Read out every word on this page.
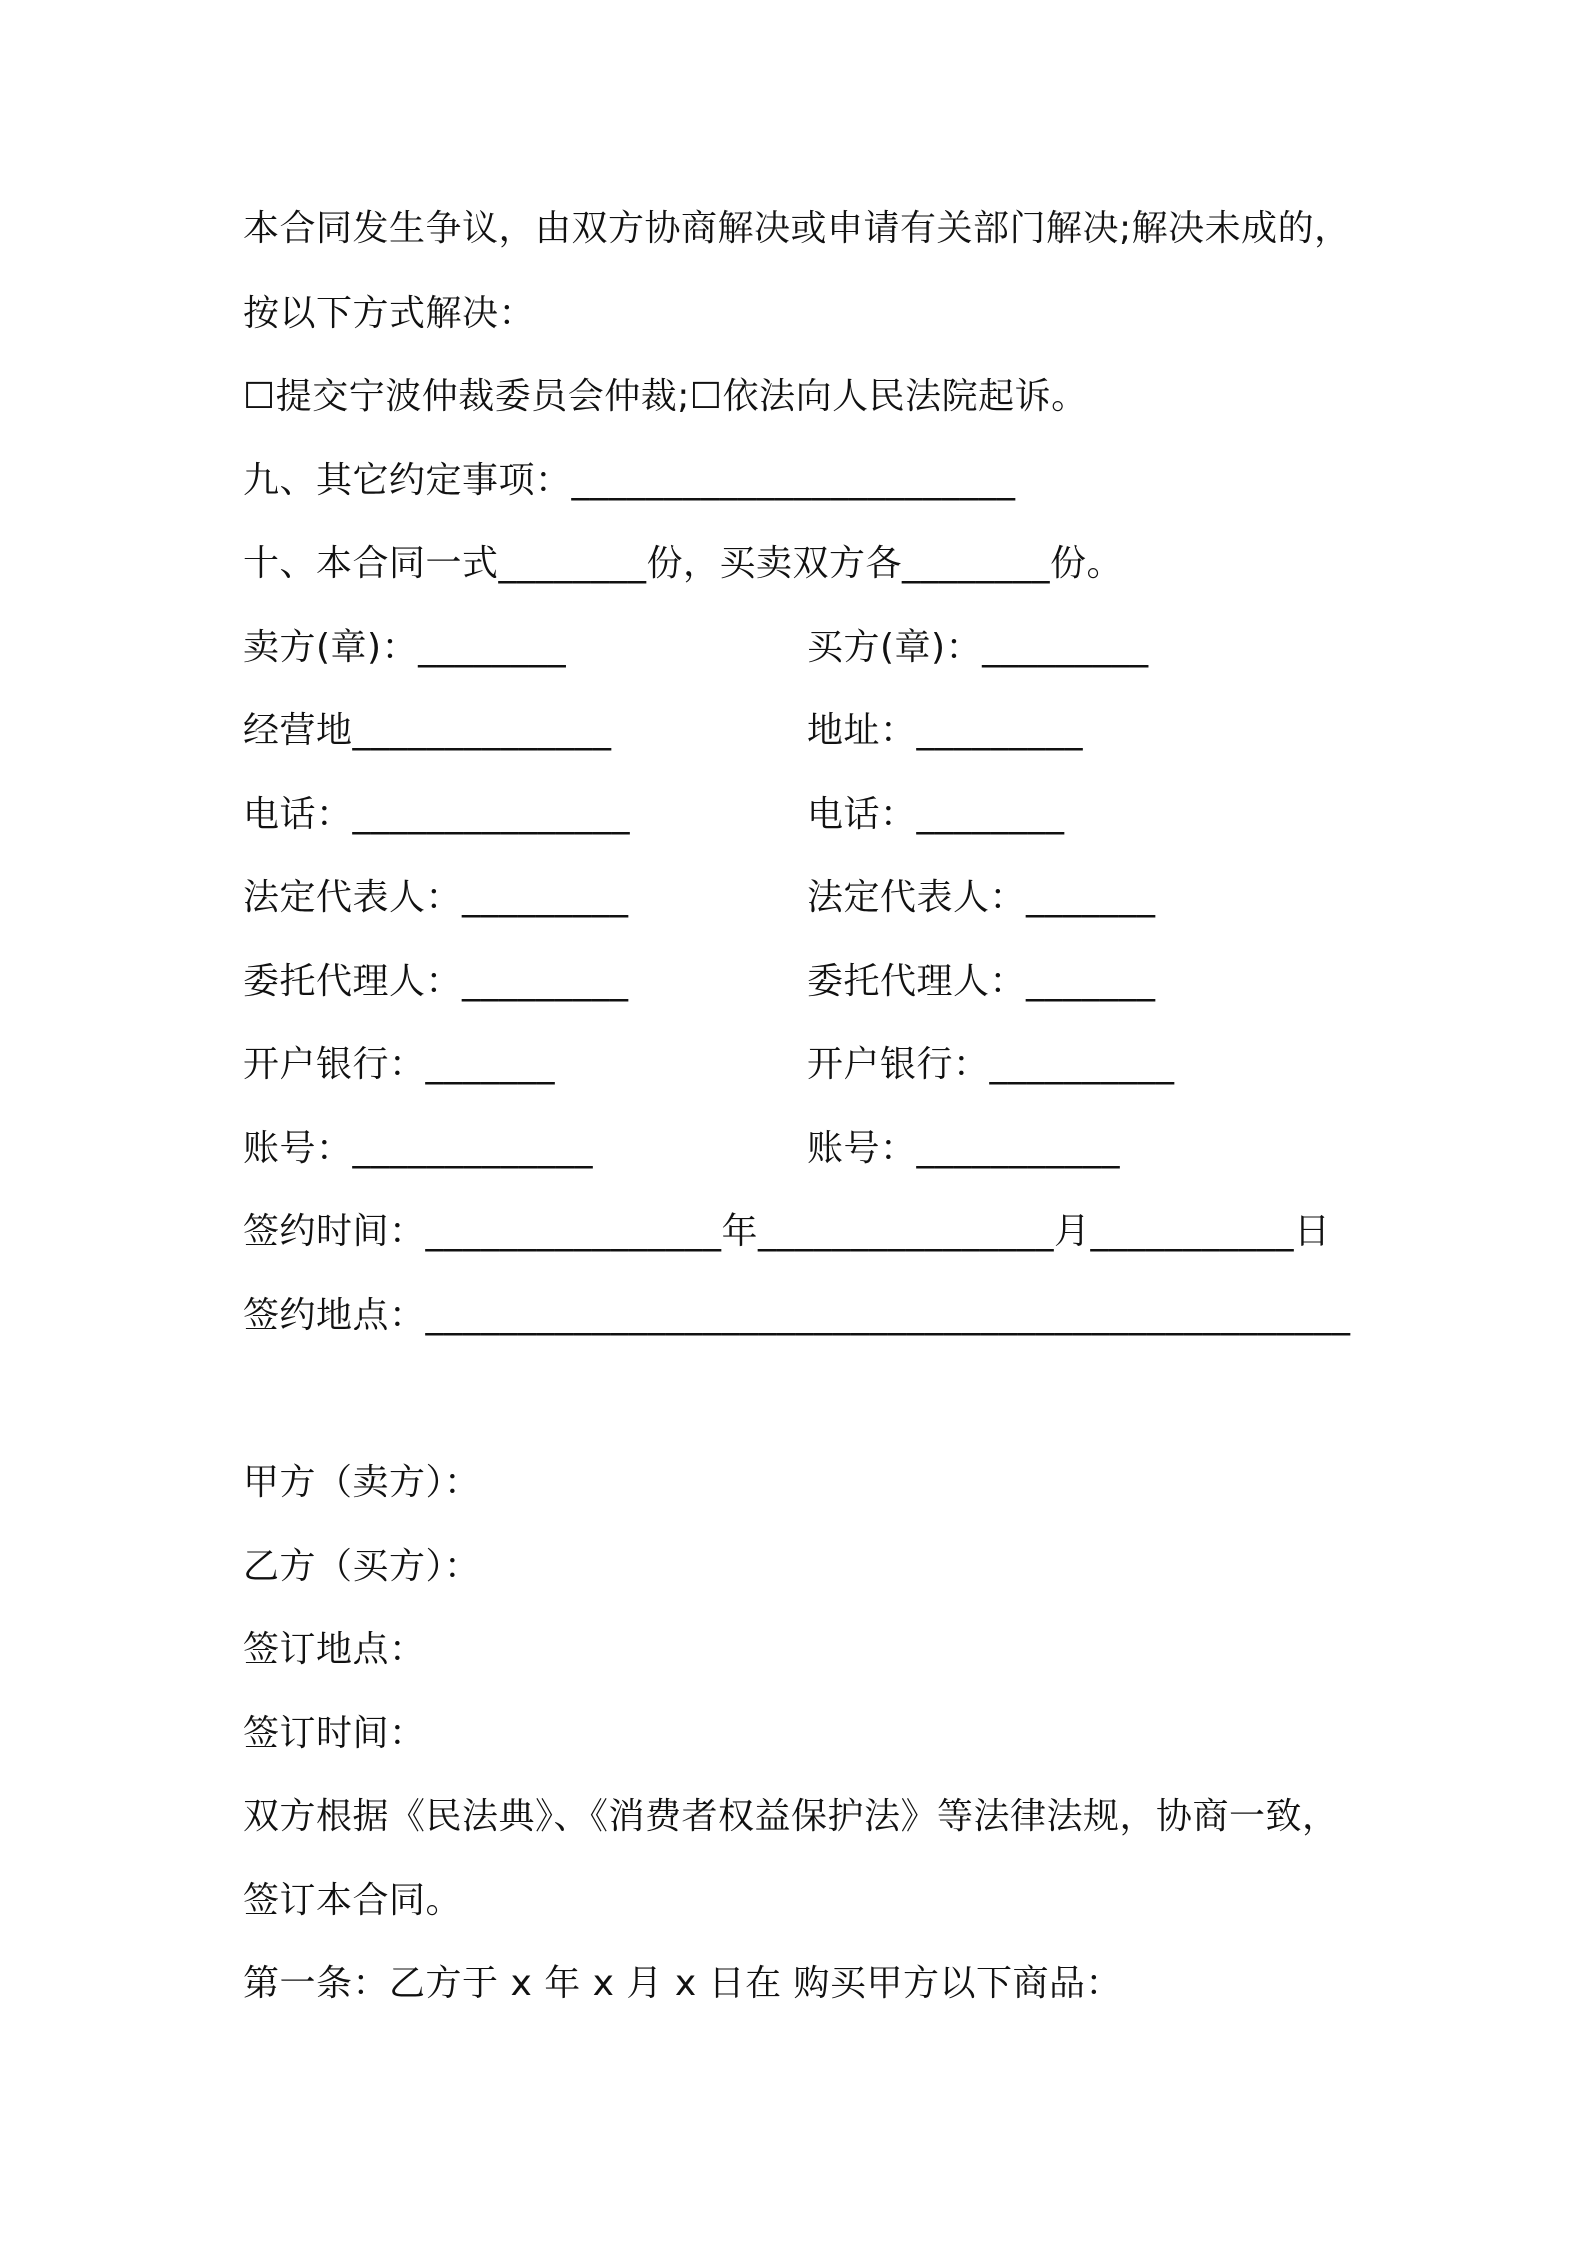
本合同发生争议，由双方协商解决或申请有关部门解决;解决未成的，
按以下方式解决：
☐提交宁波仲裁委员会仲裁;☐依法向人民法院起诉。
九、其它约定事项：________________________
十、本合同一式________份，买卖双方各________份。
卖方(章)：________	买方(章)：_________
经营地______________	地址：_________
电话：_______________	电话：________
法定代表人：_________	法定代表人：_______
委托代理人：_________	委托代理人：_______
开户银行：_______	开户银行：__________
账号：_____________	账号：___________
签约时间：________________年________________月___________日
签约地点：__________________________________________________
甲方（卖方）：
乙方（买方）：
签订地点：
签订时间：
双方根据《民法典》、《消费者权益保护法》等法律法规，协商一致，
签订本合同。
第一条：乙方于 x 年 x 月 x 日在 购买甲方以下商品：
